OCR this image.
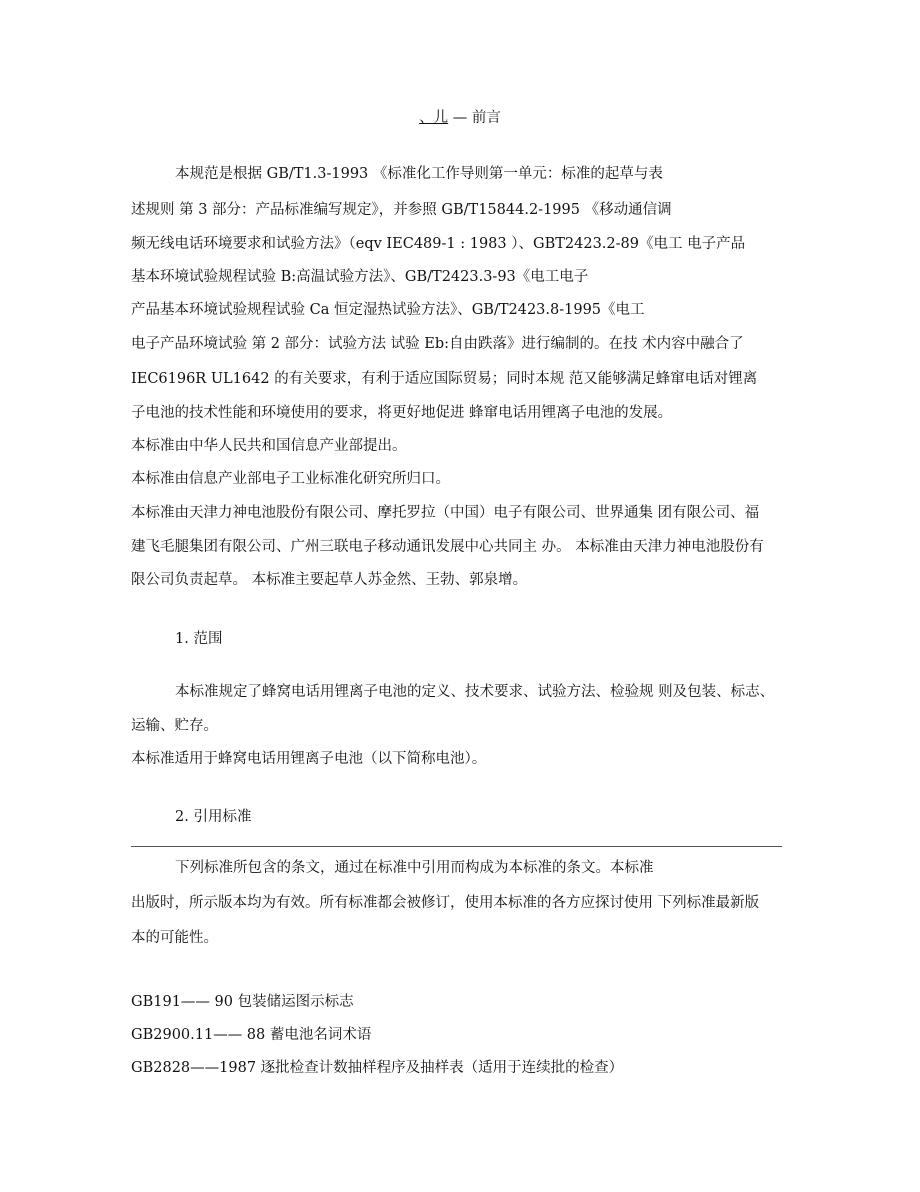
、儿 — 前言
本规范是根据 GB/T1.3-1993 《标准化工作导则第一单元：标准的起草与表
述规则 第 3 部分：产品标准编写规定》，并参照 GB/T15844.2-1995 《移动通信调
频无线电话环境要求和试验方法》（eqv IEC489-1 : 1983 ）、GBT2423.2-89《电工 电子产品
基本环境试验规程试验 B:高温试验方法》、GB/T2423.3-93《电工电子
产品基本环境试验规程试验 Ca 恒定湿热试验方法》、GB/T2423.8-1995《电工
电子产品环境试验 第 2 部分：试验方法 试验 Eb:自由跌落》进行编制的。在技 术内容中融合了
IEC6196R UL1642 的有关要求，有利于适应国际贸易；同时本规 范又能够满足蜂窜电话对锂离
子电池的技术性能和环境使用的要求，将更好地促进 蜂窜电话用锂离子电池的发展。
本标准由中华人民共和国信息产业部提出。
本标准由信息产业部电子工业标准化研究所归口。
本标准由天津力神电池股份有限公司、摩托罗拉（中国）电子有限公司、世界通集 团有限公司、福
建飞毛腿集团有限公司、广州三联电子移动通讯发展中心共同主 办。 本标准由天津力神电池股份有
限公司负责起草。 本标准主要起草人苏金然、王勃、郭泉增。
1. 范围
本标准规定了蜂窝电话用锂离子电池的定义、技术要求、试验方法、检验规 则及包装、标志、
运输、贮存。
本标准适用于蜂窝电话用锂离子电池（以下简称电池）。
2. 引用标准
下列标准所包含的条文，通过在标准中引用而构成为本标准的条文。本标准
出版时，所示版本均为有效。所有标准都会被修订，使用本标准的各方应探讨使用 下列标准最新版
本的可能性。
GB191—— 90 包装储运图示标志
GB2900.11—— 88 蓄电池名词术语
GB2828——1987 逐批检查计数抽样程序及抽样表（适用于连续批的检查）
